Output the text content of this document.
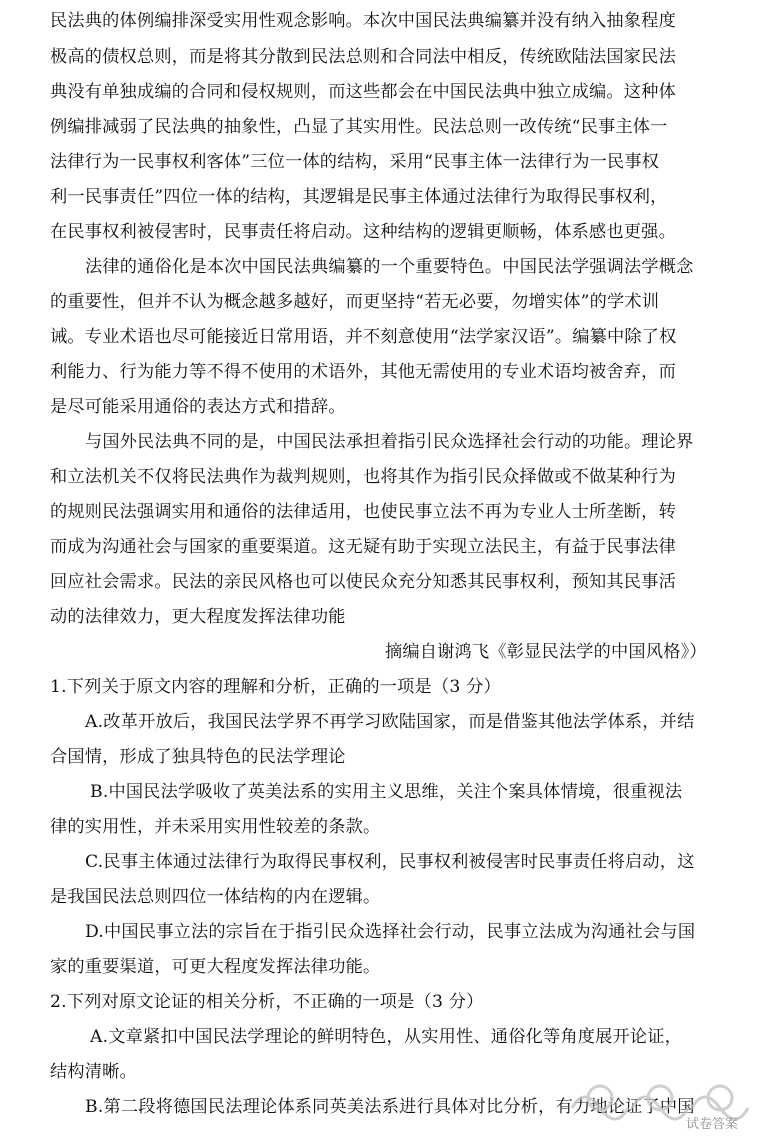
民法典的体例编排深受实用性观念影响。本次中国民法典编纂并没有纳入抽象程度
极高的债权总则，而是将其分散到民法总则和合同法中相反，传统欧陆法国家民法
典没有单独成编的合同和侵权规则，而这些都会在中国民法典中独立成编。这种体
例编排减弱了民法典的抽象性，凸显了其实用性。民法总则一改传统“民事主体一
法律行为一民事权利客体”三位一体的结构，采用“民事主体一法律行为一民事权
利一民事责任”四位一体的结构，其逻辑是民事主体通过法律行为取得民事权利，
在民事权利被侵害时，民事责任将启动。这种结构的逻辑更顺畅，体系感也更强。
法律的通俗化是本次中国民法典编纂的一个重要特色。中国民法学强调法学概念
的重要性，但并不认为概念越多越好，而更坚持“若无必要，勿增实体”的学术训
诫。专业术语也尽可能接近日常用语，并不刻意使用“法学家汉语”。编纂中除了权
利能力、行为能力等不得不使用的术语外，其他无需使用的专业术语均被舍弃，而
是尽可能采用通俗的表达方式和措辞。
与国外民法典不同的是，中国民法承担着指引民众选择社会行动的功能。理论界
和立法机关不仅将民法典作为裁判规则，也将其作为指引民众择做或不做某种行为
的规则民法强调实用和通俗的法律适用，也使民事立法不再为专业人士所垄断，转
而成为沟通社会与国家的重要渠道。这无疑有助于实现立法民主，有益于民事法律
回应社会需求。民法的亲民风格也可以使民众充分知悉其民事权利，预知其民事活
动的法律效力，更大程度发挥法律功能
摘编自谢鸿飞《彰显民法学的中国风格》）
1.下列关于原文内容的理解和分析，正确的一项是（3 分）
A.改革开放后，我国民法学界不再学习欧陆国家，而是借鉴其他法学体系，并结
合国情，形成了独具特色的民法学理论
B.中国民法学吸收了英美法系的实用主义思维，关注个案具体情境，很重视法
律的实用性，并未采用实用性较差的条款。
C.民事主体通过法律行为取得民事权利，民事权利被侵害时民事责任将启动，这
是我国民法总则四位一体结构的内在逻辑。
D.中国民事立法的宗旨在于指引民众选择社会行动，民事立法成为沟通社会与国
家的重要渠道，可更大程度发挥法律功能。
2.下列对原文论证的相关分析，不正确的一项是（3 分）
A.文章紧扣中国民法学理论的鲜明特色，从实用性、通俗化等角度展开论证，
结构清晰。
B.第二段将德国民法理论体系同英美法系进行具体对比分析，有力地论证了中国
试卷答案
